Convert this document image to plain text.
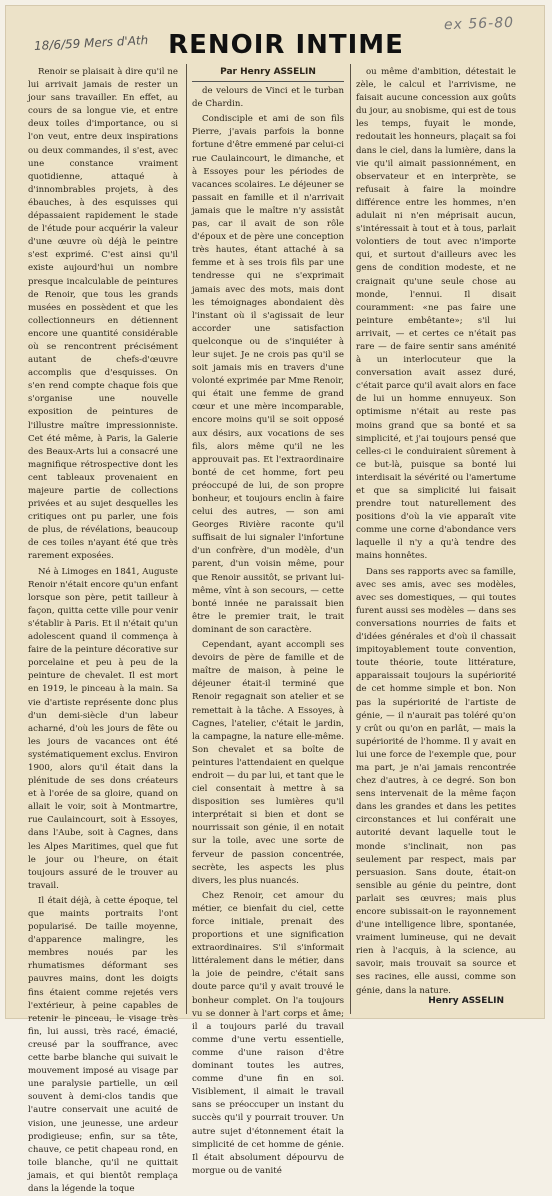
18/6/59 Mers d'Ath
ex 56-80
RENOIR INTIME

Renoir se plaisait à dire qu'il ne lui arrivait jamais de rester un jour sans travailler. En effet, au cours de sa longue vie, et entre deux toiles d'importance, ou si l'on veut, entre deux inspirations ou deux commandes, il s'est, avec une constance vraiment quotidienne, attaqué à d'innombrables projets, à des ébauches, à des esquisses qui dépassaient rapidement le stade de l'étude pour acquérir la valeur d'une œuvre où déjà le peintre s'est exprimé. C'est ainsi qu'il existe aujourd'hui un nombre presque incalculable de peintures de Renoir, que tous les grands musées en possèdent et que les collectionneurs en détiennent encore une quantité considérable où se rencontrent précisément autant de chefs-d'œuvre accomplis que d'esquisses. On s'en rend compte chaque fois que s'organise une nouvelle exposition de peintures de l'illustre maître impressionniste. Cet été même, à Paris, la Galerie des Beaux-Arts lui a consacré une magnifique rétrospective dont les cent tableaux provenaient en majeure partie de collections privées et au sujet desquelles les critiques ont pu parler, une fois de plus, de révélations, beaucoup de ces toiles n'ayant été que très rarement exposées.

Né à Limoges en 1841, Auguste Renoir n'était encore qu'un enfant lorsque son père, petit tailleur à façon, quitta cette ville pour venir s'établir à Paris. Et il n'était qu'un adolescent quand il commença à faire de la peinture décorative sur porcelaine et peu à peu de la peinture de chevalet. Il est mort en 1919, le pinceau à la main. Sa vie d'artiste représente donc plus d'un demi-siècle d'un labeur acharné, d'où les jours de fête ou les jours de vacances ont été systématiquement exclus. Environ 1900, alors qu'il était dans la plénitude de ses dons créateurs et à l'orée de sa gloire, quand on allait le voir, soit à Montmartre, rue Caulaincourt, soit à Essoyes, dans l'Aube, soit à Cagnes, dans les Alpes Maritimes, quel que fut le jour ou l'heure, on était toujours assuré de le trouver au travail.

Il était déjà, à cette époque, tel que maints portraits l'ont popularisé. De taille moyenne, d'apparence malingre, les membres noués par les rhumatismes déformant ses pauvres mains, dont les doigts fins étaient comme rejetés vers l'extérieur, à peine capables de retenir le pinceau, le visage très fin, lui aussi, très racé, émacié, creusé par la souffrance, avec cette barbe blanche qui suivait le mouvement imposé au visage par une paralysie partielle, un œil souvent à demi-clos tandis que l'autre conservait une acuité de vision, une jeunesse, une ardeur prodigieuse; enfin, sur sa tête, chauve, ce petit chapeau rond, en toile blanche, qu'il ne quittait jamais, et qui bientôt remplaça dans la légende la toque

Par Henry ASSELIN

de velours de Vinci et le turban de Chardin.

Condisciple et ami de son fils Pierre, j'avais parfois la bonne fortune d'être emmené par celui-ci rue Caulaincourt, le dimanche, et à Essoyes pour les périodes de vacances scolaires. Le déjeuner se passait en famille et il n'arrivait jamais que le maître n'y assistât pas, car il avait de son rôle d'époux et de père une conception très hautes, étant attaché à sa femme et à ses trois fils par une tendresse qui ne s'exprimait jamais avec des mots, mais dont les témoignages abondaient dès l'instant où il s'agissait de leur accorder une satisfaction quelconque ou de s'inquiéter à leur sujet. Je ne crois pas qu'il se soit jamais mis en travers d'une volonté exprimée par Mme Renoir, qui était une femme de grand cœur et une mère incomparable, encore moins qu'il se soit opposé aux désirs, aux vocations de ses fils, alors même qu'il ne les approuvait pas. Et l'extraordinaire bonté de cet homme, fort peu préoccupé de lui, de son propre bonheur, et toujours enclin à faire celui des autres, — son ami Georges Rivière raconte qu'il suffisait de lui signaler l'infortune d'un confrère, d'un modèle, d'un parent, d'un voisin même, pour que Renoir aussitôt, se privant lui-même, vînt à son secours, — cette bonté innée ne paraissait bien être le premier trait, le trait dominant de son caractère.

Cependant, ayant accompli ses devoirs de père de famille et de maître de maison, à peine le déjeuner était-il terminé que Renoir regagnait son atelier et se remettait à la tâche. A Essoyes, à Cagnes, l'atelier, c'était le jardin, la campagne, la nature elle-même. Son chevalet et sa boîte de peintures l'attendaient en quelque endroit — du par lui, et tant que le ciel consentait à mettre à sa disposition ses lumières qu'il interprétait si bien et dont se nourrissait son génie, il en notait sur la toile, avec une sorte de ferveur de passion concentrée, secrète, les aspects les plus divers, les plus nuancés.

Chez Renoir, cet amour du métier, ce bienfait du ciel, cette force initiale, prenait des proportions et une signification extraordinaires. S'il s'informait littéralement dans le métier, dans la joie de peindre, c'était sans doute parce qu'il y avait trouvé le bonheur complet. On l'a toujours vu se donner à l'art corps et âme; il a toujours parlé du travail comme d'une vertu essentielle, comme d'une raison d'être dominant toutes les autres, comme d'une fin en soi. Visiblement, il aimait le travail sans se préoccuper un instant du succès qu'il y pourrait trouver. Un autre sujet d'étonnement était la simplicité de cet homme de génie. Il était absolument dépourvu de morgue ou de vanité

ou même d'ambition, détestait le zèle, le calcul et l'arrivisme, ne faisait aucune concession aux goûts du jour, au snobisme, qui est de tous les temps, fuyait le monde, redoutait les honneurs, plaçait sa foi dans le ciel, dans la lumière, dans la vie qu'il aimait passionnément, en observateur et en interprète, se refusait à faire la moindre différence entre les hommes, n'en adulait ni n'en méprisait aucun, s'intéressait à tout et à tous, parlait volontiers de tout avec n'importe qui, et surtout d'ailleurs avec les gens de condition modeste, et ne craignait qu'une seule chose au monde, l'ennui. Il disait couramment: «ne pas faire une peinture embêtante»; s'il lui arrivait, — et certes ce n'était pas rare — de faire sentir sans aménité à un interlocuteur que la conversation avait assez duré, c'était parce qu'il avait alors en face de lui un homme ennuyeux. Son optimisme n'était au reste pas moins grand que sa bonté et sa simplicité, et j'ai toujours pensé que celles-ci le conduiraient sûrement à ce but-là, puisque sa bonté lui interdisait la sévérité ou l'amertume et que sa simplicité lui faisait prendre tout naturellement des positions d'où la vie apparaît vite comme une corne d'abondance vers laquelle il n'y a qu'à tendre des mains honnêtes.

Dans ses rapports avec sa famille, avec ses amis, avec ses modèles, avec ses domestiques, — qui toutes furent aussi ses modèles — dans ses conversations nourries de faits et d'idées générales et d'où il chassait impitoyablement toute convention, toute théorie, toute littérature, apparaissait toujours la supériorité de cet homme simple et bon. Non pas la supériorité de l'artiste de génie, — il n'aurait pas toléré qu'on y crût ou qu'on en parlât, — mais la supériorité de l'homme. Il y avait en lui une force de l'exemple que, pour ma part, je n'ai jamais rencontrée chez d'autres, à ce degré. Son bon sens intervenait de la même façon dans les grandes et dans les petites circonstances et lui conférait une autorité devant laquelle tout le monde s'inclinait, non pas seulement par respect, mais par persuasion. Sans doute, était-on sensible au génie du peintre, dont parlait ses œuvres; mais plus encore subissait-on le rayonnement d'une intelligence libre, spontanée, vraiment lumineuse, qui ne devait rien à l'acquis, à la science, au savoir, mais trouvait sa source et ses racines, elle aussi, comme son génie, dans la nature.

Henry ASSELIN
